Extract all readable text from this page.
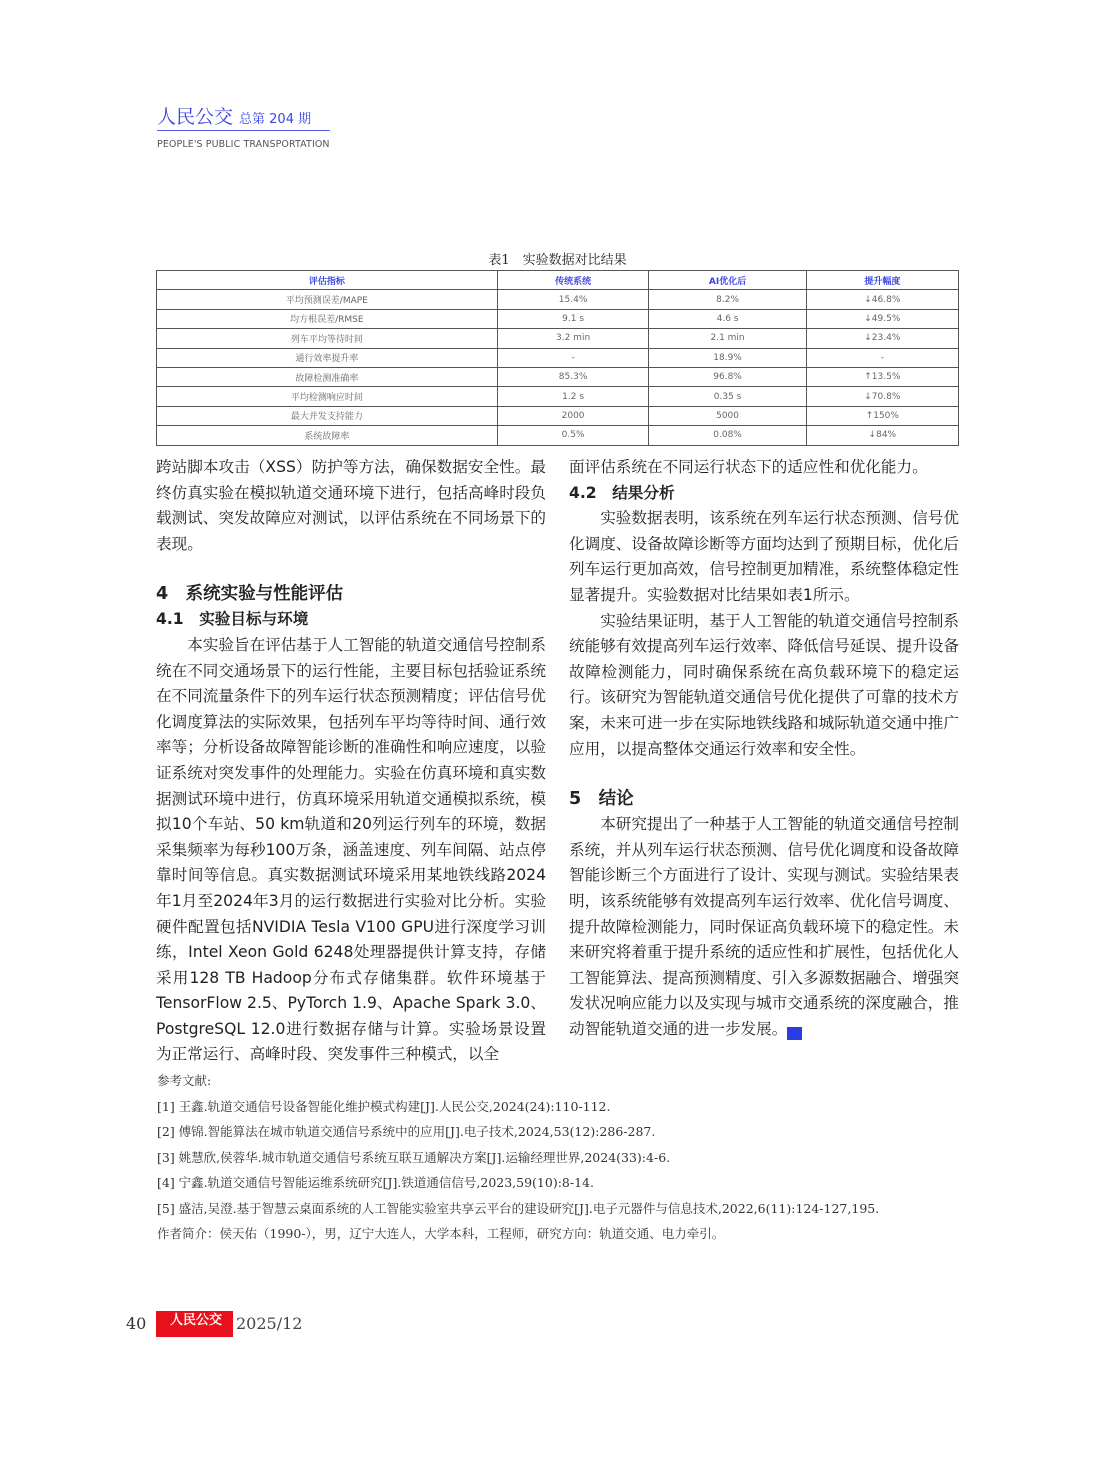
人民公交 总第 204 期
PEOPLE'S PUBLIC TRANSPORTATION
表1　实验数据对比结果
评估指标	传统系统	AI优化后	提升幅度
平均预测误差/MAPE	15.4%	8.2%	↓46.8%
均方根误差/RMSE	9.1 s	4.6 s	↓49.5%
列车平均等待时间	3.2 min	2.1 min	↓23.4%
通行效率提升率	-	18.9%	-
故障检测准确率	85.3%	96.8%	↑13.5%
平均检测响应时间	1.2 s	0.35 s	↓70.8%
最大并发支持能力	2000	5000	↑150%
系统故障率	0.5%	0.08%	↓84%

跨站脚本攻击（XSS）防护等方法，确保数据安全性。最终仿真实验在模拟轨道交通环境下进行，包括高峰时段负载测试、突发故障应对测试，以评估系统在不同场景下的表现。

4　系统实验与性能评估
4.1　实验目标与环境

本实验旨在评估基于人工智能的轨道交通信号控制系统在不同交通场景下的运行性能，主要目标包括验证系统在不同流量条件下的列车运行状态预测精度；评估信号优化调度算法的实际效果，包括列车平均等待时间、通行效率等；分析设备故障智能诊断的准确性和响应速度，以验证系统对突发事件的处理能力。实验在仿真环境和真实数据测试环境中进行，仿真环境采用轨道交通模拟系统，模拟10个车站、50 km轨道和20列运行列车的环境，数据采集频率为每秒100万条，涵盖速度、列车间隔、站点停靠时间等信息。真实数据测试环境采用某地铁线路2024年1月至2024年3月的运行数据进行实验对比分析。实验硬件配置包括NVIDIA Tesla V100 GPU进行深度学习训练，Intel Xeon Gold 6248处理器提供计算支持，存储采用128 TB Hadoop分布式存储集群。软件环境基于TensorFlow 2.5、PyTorch 1.9、Apache Spark 3.0、PostgreSQL 12.0进行数据存储与计算。实验场景设置为正常运行、高峰时段、突发事件三种模式，以全

面评估系统在不同运行状态下的适应性和优化能力。

4.2　结果分析

实验数据表明，该系统在列车运行状态预测、信号优化调度、设备故障诊断等方面均达到了预期目标，优化后列车运行更加高效，信号控制更加精准，系统整体稳定性显著提升。实验数据对比结果如表1所示。

实验结果证明，基于人工智能的轨道交通信号控制系统能够有效提高列车运行效率、降低信号延误、提升设备故障检测能力，同时确保系统在高负载环境下的稳定运行。该研究为智能轨道交通信号优化提供了可靠的技术方案，未来可进一步在实际地铁线路和城际轨道交通中推广应用，以提高整体交通运行效率和安全性。

5　结论

本研究提出了一种基于人工智能的轨道交通信号控制系统，并从列车运行状态预测、信号优化调度和设备故障智能诊断三个方面进行了设计、实现与测试。实验结果表明，该系统能够有效提高列车运行效率、优化信号调度、提升故障检测能力，同时保证高负载环境下的稳定性。未来研究将着重于提升系统的适应性和扩展性，包括优化人工智能算法、提高预测精度、引入多源数据融合、增强突发状况响应能力以及实现与城市交通系统的深度融合，推动智能轨道交通的进一步发展。	I◀

参考文献:

[1] 王鑫.轨道交通信号设备智能化维护模式构建[J].人民公交,2024(24):110-112.

[2] 傅锦.智能算法在城市轨道交通信号系统中的应用[J].电子技术,2024,53(12):286-287.

[3] 姚慧欣,侯蓉华.城市轨道交通信号系统互联互通解决方案[J].运输经理世界,2024(33):4-6.

[4] 宁鑫.轨道交通信号智能运维系统研究[J].铁道通信信号,2023,59(10):8-14.

[5] 盛洁,吴澄.基于智慧云桌面系统的人工智能实验室共享云平台的建设研究[J].电子元器件与信息技术,2022,6(11):124-127,195.

作者简介：侯天佑（1990-），男，辽宁大连人，大学本科，工程师，研究方向：轨道交通、电力牵引。

40	人民公交
2025/12
